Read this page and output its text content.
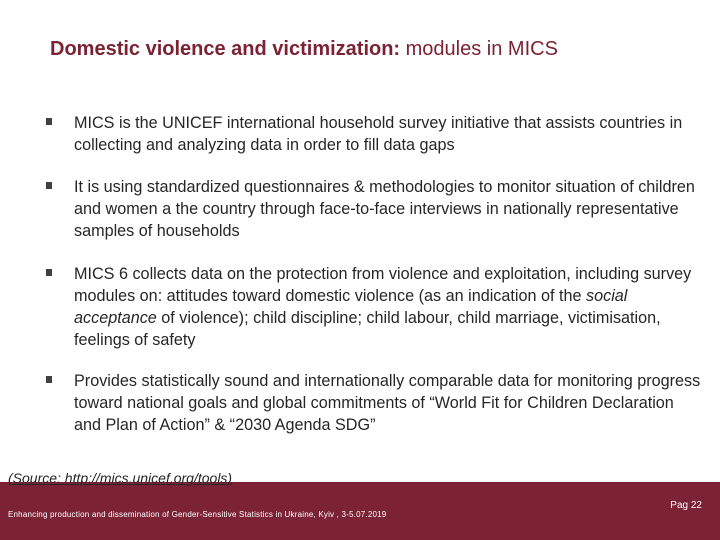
Domestic violence and victimization: modules in MICS
MICS is the UNICEF international household survey initiative that assists countries in collecting and analyzing data in order to fill data gaps
It is using standardized questionnaires & methodologies to monitor situation of children and women a the country through face-to-face interviews in nationally representative samples of households
MICS 6 collects data on the protection from violence and exploitation, including survey modules on: attitudes toward domestic violence (as an indication of the social acceptance of violence); child discipline; child labour, child marriage, victimisation, feelings of safety
Provides statistically sound and internationally comparable data for monitoring progress toward national goals and global commitments of “World Fit for Children Declaration and Plan of Action” & “2030 Agenda SDG”
(Source: http://mics.unicef.org/tools)
Enhancing production and dissemination of Gender-Sensitive Statistics in Ukraine, Kyiv , 3-5.07.2019
Pag 22
